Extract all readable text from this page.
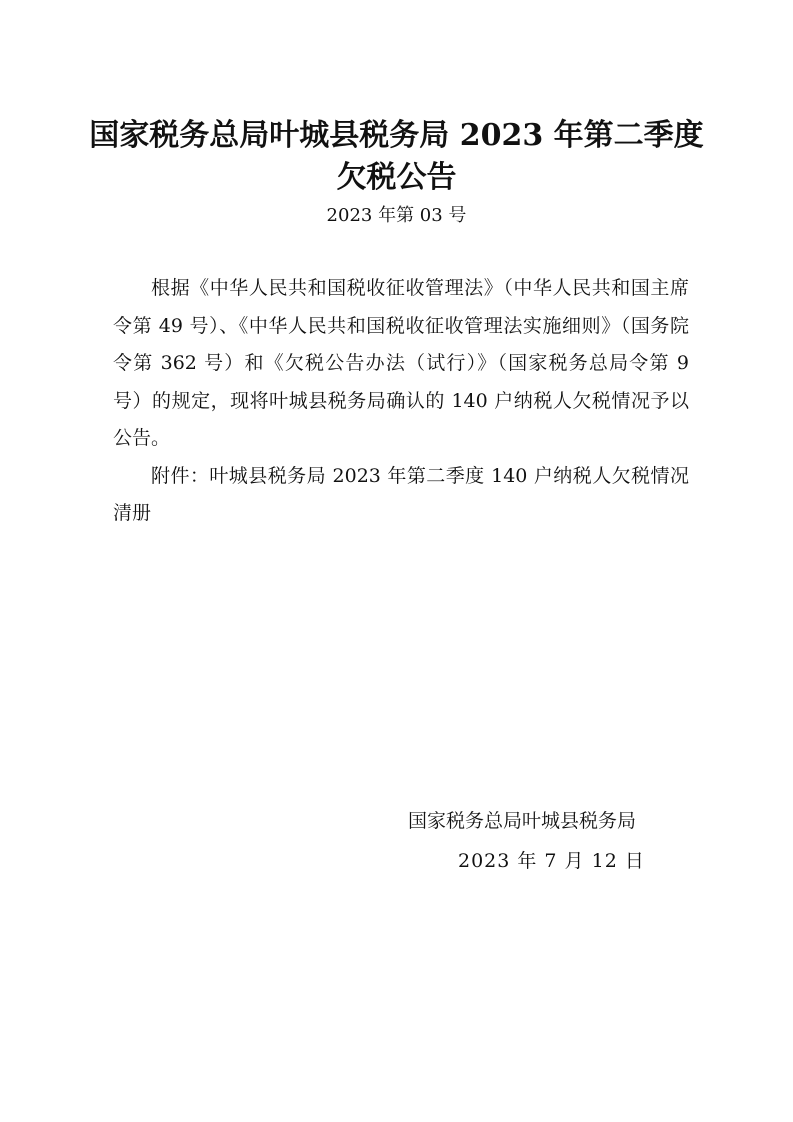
国家税务总局叶城县税务局 2023 年第二季度
欠税公告
2023 年第 03 号

根据《中华人民共和国税收征收管理法》（中华人民共和国主席令第 49 号）、《中华人民共和国税收征收管理法实施细则》（国务院令第 362 号）和《欠税公告办法（试行）》（国家税务总局令第 9 号）的规定，现将叶城县税务局确认的 140 户纳税人欠税情况予以公告。

附件：叶城县税务局 2023 年第二季度 140 户纳税人欠税情况清册

国家税务总局叶城县税务局
2023 年 7 月 12 日
